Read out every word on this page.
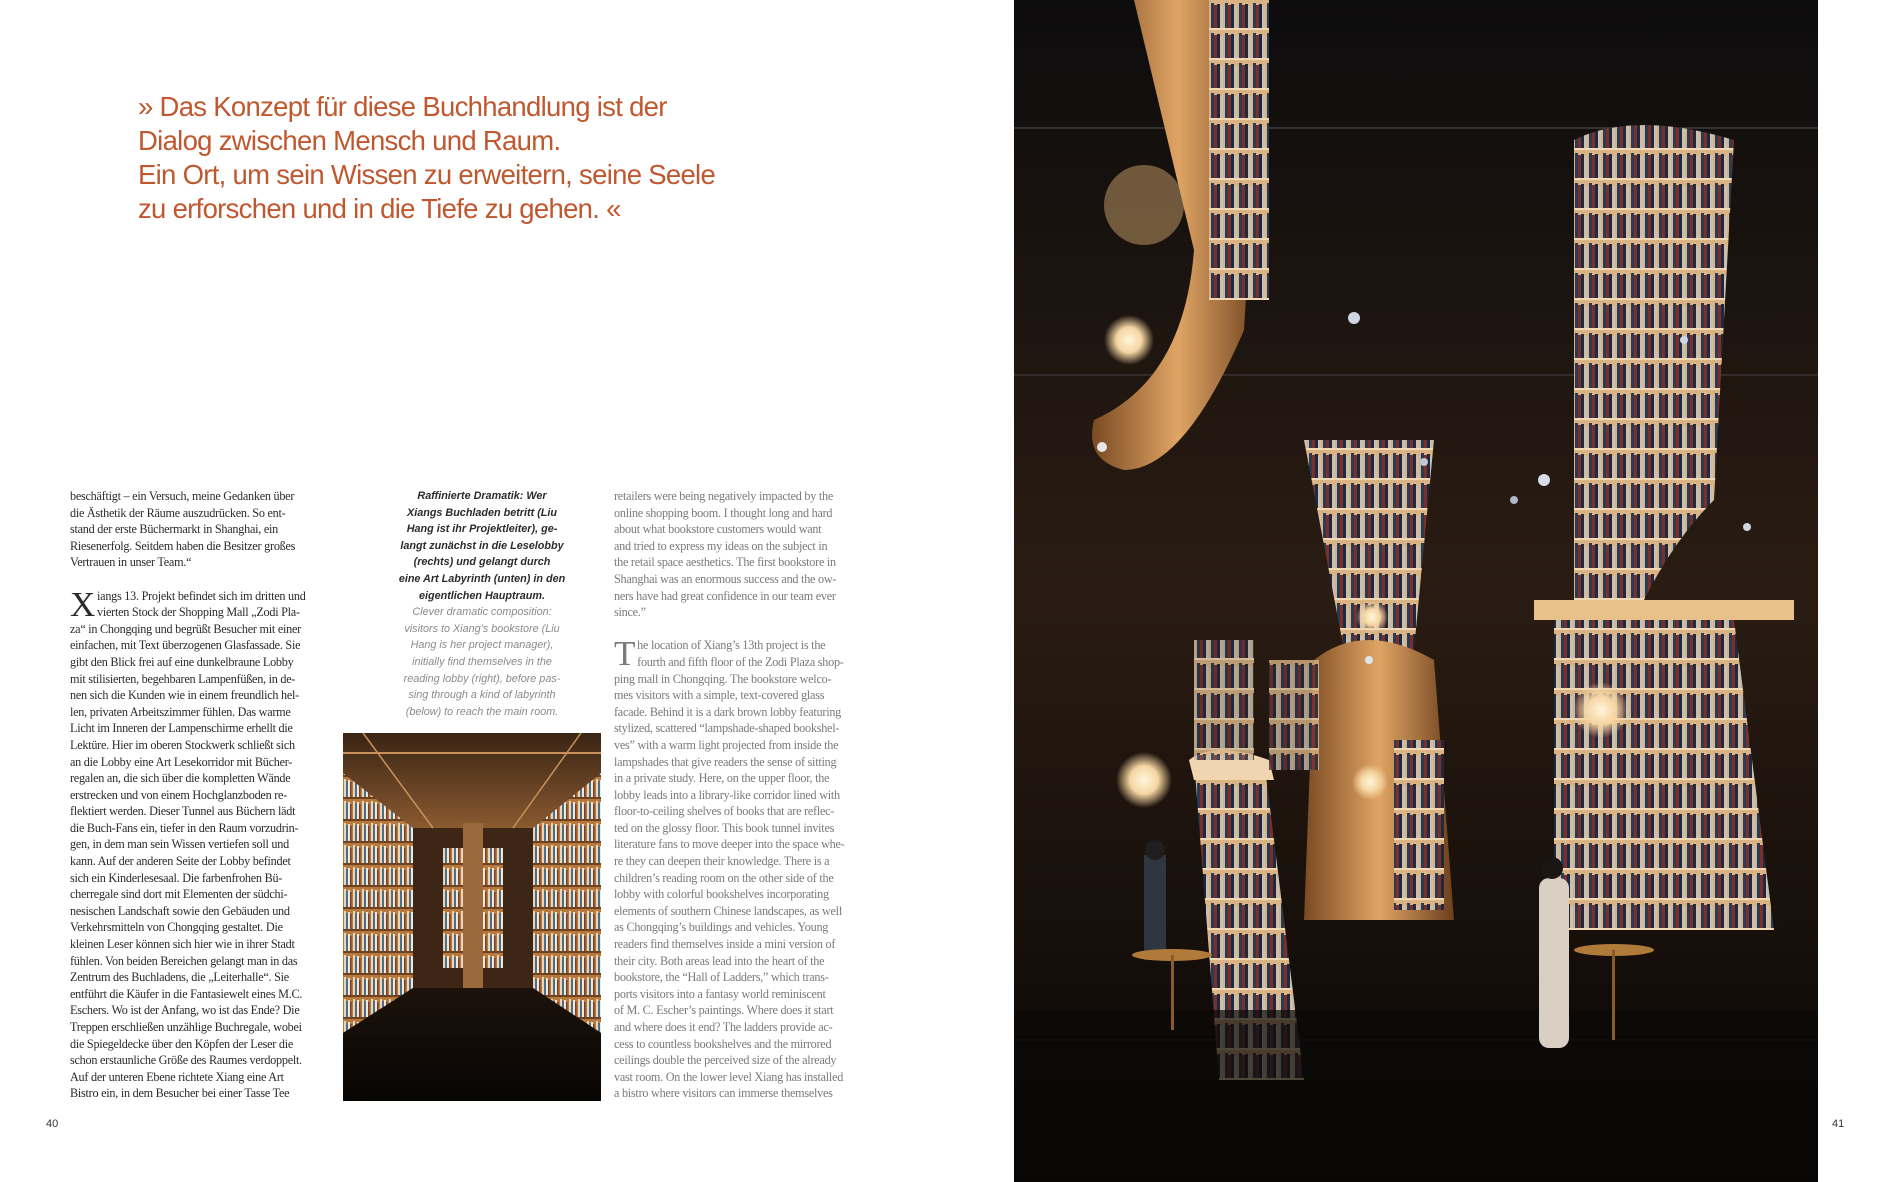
» Das Konzept für diese Buchhandlung ist der
Dialog zwischen Mensch und Raum.
Ein Ort, um sein Wissen zu erweitern, seine Seele
zu erforschen und in die Tiefe zu gehen. «
beschäftigt – ein Versuch, meine Gedanken über
die Ästhetik der Räume auszudrücken. So ent-
stand der erste Büchermarkt in Shanghai, ein
Riesenerfolg. Seitdem haben die Besitzer großes
Vertrauen in unser Team.“
X iangs 13. Projekt befindet sich im dritten und
vierten Stock der Shopping Mall „Zodi Pla-
za“ in Chongqing und begrüßt Besucher mit einer
einfachen, mit Text überzogenen Glasfassade. Sie
gibt den Blick frei auf eine dunkelbraune Lobby
mit stilisierten, begehbaren Lampenfüßen, in de-
nen sich die Kunden wie in einem freundlich hel-
len, privaten Arbeitszimmer fühlen. Das warme
Licht im Inneren der Lampenschirme erhellt die
Lektüre. Hier im oberen Stockwerk schließt sich
an die Lobby eine Art Lesekorridor mit Bücher-
regalen an, die sich über die kompletten Wände
erstrecken und von einem Hochglanzboden re-
flektiert werden. Dieser Tunnel aus Büchern lädt
die Buch-Fans ein, tiefer in den Raum vorzudrin-
gen, in dem man sein Wissen vertiefen soll und
kann. Auf der anderen Seite der Lobby befindet
sich ein Kinderlesesaal. Die farbenfrohen Bü-
cherregale sind dort mit Elementen der südchi-
nesischen Landschaft sowie den Gebäuden und
Verkehrsmitteln von Chongqing gestaltet. Die
kleinen Leser können sich hier wie in ihrer Stadt
fühlen. Von beiden Bereichen gelangt man in das
Zentrum des Buchladens, die „Leiterhalle“. Sie
entführt die Käufer in die Fantasiewelt eines M.C.
Eschers. Wo ist der Anfang, wo ist das Ende? Die
Treppen erschließen unzählige Buchregale, wobei
die Spiegeldecke über den Köpfen der Leser die
schon erstaunliche Größe des Raumes verdoppelt.
Auf der unteren Ebene richtete Xiang eine Art
Bistro ein, in dem Besucher bei einer Tasse Tee
Raffinierte Dramatik: Wer
Xiangs Buchladen betritt (Liu
Hang ist ihr Projektleiter), ge-
langt zunächst in die Leselobby
(rechts) und gelangt durch
eine Art Labyrinth (unten) in den
eigentlichen Hauptraum.
Clever dramatic composition:
visitors to Xiang’s bookstore (Liu
Hang is her project manager),
initially find themselves in the
reading lobby (right), before pas-
sing through a kind of labyrinth
(below) to reach the main room.
retailers were being negatively impacted by the
online shopping boom. I thought long and hard
about what bookstore customers would want
and tried to express my ideas on the subject in
the retail space aesthetics. The first bookstore in
Shanghai was an enormous success and the ow-
ners have had great confidence in our team ever
since.”
T he location of Xiang’s 13th project is the
fourth and fifth floor of the Zodi Plaza shop-
ping mall in Chongqing. The bookstore welco-
mes visitors with a simple, text-covered glass
facade. Behind it is a dark brown lobby featuring
stylized, scattered “lampshade-shaped bookshel-
ves” with a warm light projected from inside the
lampshades that give readers the sense of sitting
in a private study. Here, on the upper floor, the
lobby leads into a library-like corridor lined with
floor-to-ceiling shelves of books that are reflec-
ted on the glossy floor. This book tunnel invites
literature fans to move deeper into the space whe-
re they can deepen their knowledge. There is a
children’s reading room on the other side of the
lobby with colorful bookshelves incorporating
elements of southern Chinese landscapes, as well
as Chongqing’s buildings and vehicles. Young
readers find themselves inside a mini version of
their city. Both areas lead into the heart of the
bookstore, the “Hall of Ladders,” which trans-
ports visitors into a fantasy world reminiscent
of M. C. Escher’s paintings. Where does it start
and where does it end? The ladders provide ac-
cess to countless bookshelves and the mirrored
ceilings double the perceived size of the already
vast room. On the lower level Xiang has installed
a bistro where visitors can immerse themselves
40	41
